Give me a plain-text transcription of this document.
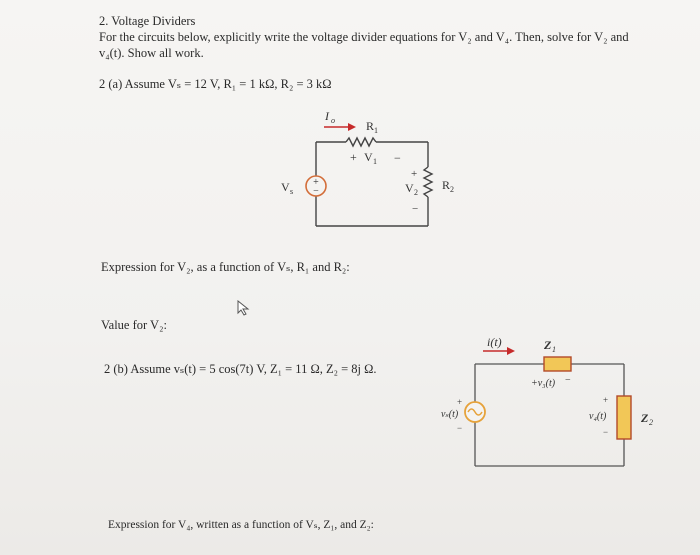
2. Voltage Dividers
For the circuits below, explicitly write the voltage divider equations for V₂ and V₄. Then, solve for V₂ and
v₄(t). Show all work.
2 (a) Assume Vₛ = 12 V, R₁ = 1 kΩ, R₂ = 3 kΩ
+
−
I o	R 1
+ V 1 −
V s
+
V 2
−
R 2
Expression for V₂, as a function of Vₛ, R₁ and R₂:
Value for V₂:
2 (b) Assume vₛ(t) = 5 cos(7t) V, Z₁ = 11 Ω, Z₂ = 8j Ω.
i(t)	Z 1
+v₃(t) −
+
vₛ(t)
−
+
v₄(t)
−
Z 2
Expression for V₄, written as a function of Vₛ, Z₁, and Z₂:
